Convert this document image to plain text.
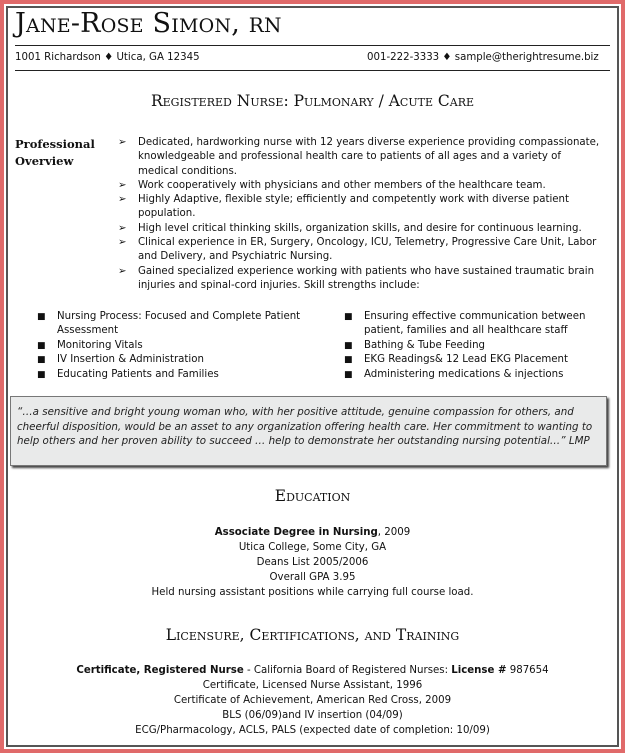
Jane-Rose Simon, RN
1001 Richardson ♦ Utica, GA 12345	001-222-3333 ♦ sample@therightresume.biz
Registered Nurse: Pulmonary / Acute Care
Professional
Overview
➢ Dedicated, hardworking nurse with 12 years diverse experience providing compassionate, knowledgeable and professional health care to patients of all ages and a variety of medical conditions.
➢ Work cooperatively with physicians and other members of the healthcare team.
➢ Highly Adaptive, flexible style; efficiently and competently work with diverse patient population.
➢ High level critical thinking skills, organization skills, and desire for continuous learning.
➢ Clinical experience in ER, Surgery, Oncology, ICU, Telemetry, Progressive Care Unit, Labor and Delivery, and Psychiatric Nursing.
➢ Gained specialized experience working with patients who have sustained traumatic brain injuries and spinal-cord injuries. Skill strengths include:
■ Nursing Process: Focused and Complete Patient Assessment
■ Monitoring Vitals
■ IV Insertion & Administration
■ Educating Patients and Families
■ Ensuring effective communication between patient, families and all healthcare staff
■ Bathing & Tube Feeding
■ EKG Readings& 12 Lead EKG Placement
■ Administering medications & injections

“…a sensitive and bright young woman who, with her positive attitude, genuine compassion for others, and cheerful disposition, would be an asset to any organization offering health care. Her commitment to wanting to help others and her proven ability to succeed … help to demonstrate her outstanding nursing potential…” LMP

Education
Associate Degree in Nursing, 2009
Utica College, Some City, GA
Deans List 2005/2006
Overall GPA 3.95
Held nursing assistant positions while carrying full course load.
Licensure, Certifications, and Training
Certificate, Registered Nurse - California Board of Registered Nurses: License # 987654
Certificate, Licensed Nurse Assistant, 1996
Certificate of Achievement, American Red Cross, 2009
BLS (06/09)and IV insertion (04/09)
ECG/Pharmacology, ACLS, PALS (expected date of completion: 10/09)
